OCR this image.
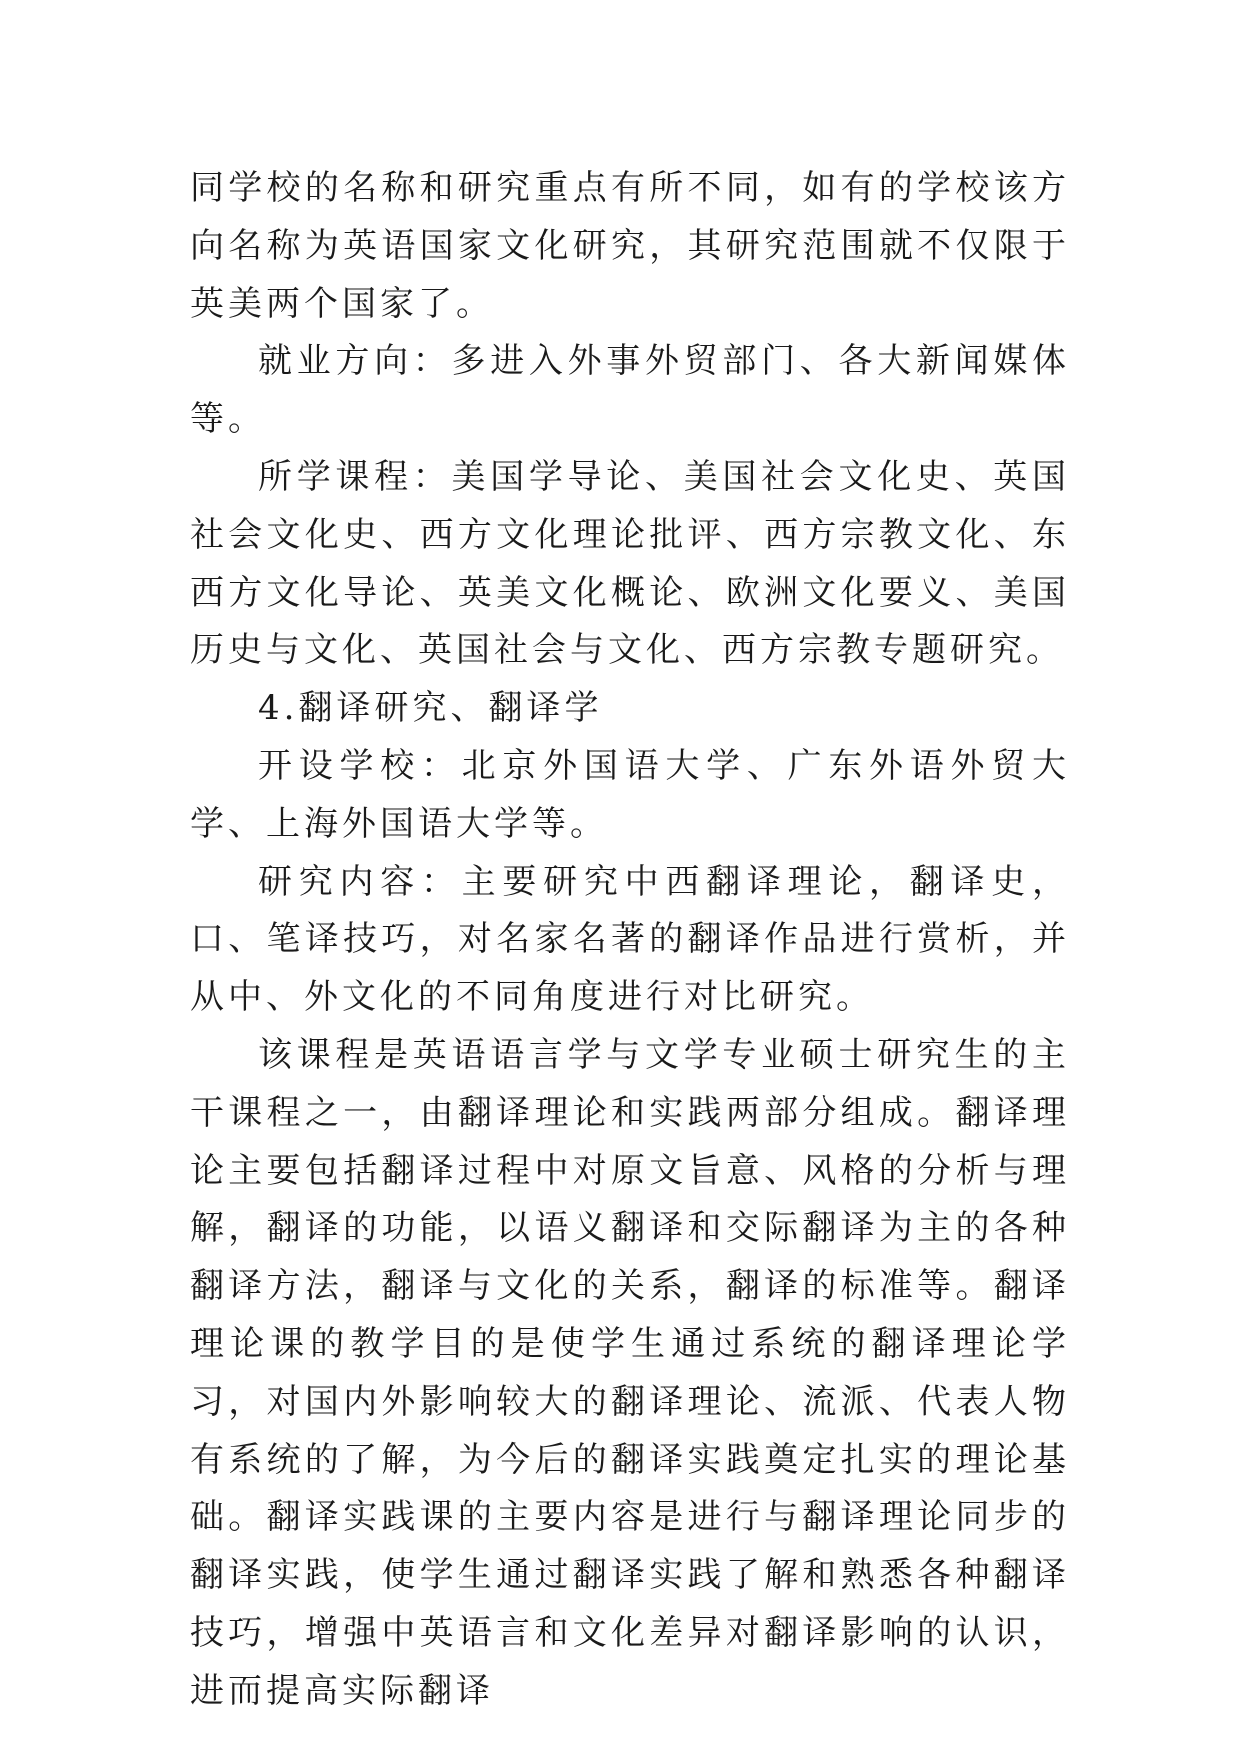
同学校的名称和研究重点有所不同，如有的学校该方向名称为英语国家文化研究，其研究范围就不仅限于英美两个国家了。

就业方向：多进入外事外贸部门、各大新闻媒体等。

所学课程：美国学导论、美国社会文化史、英国社会文化史、西方文化理论批评、西方宗教文化、东西方文化导论、英美文化概论、欧洲文化要义、美国历史与文化、英国社会与文化、西方宗教专题研究。

4.翻译研究、翻译学

开设学校：北京外国语大学、广东外语外贸大学、上海外国语大学等。

研究内容：主要研究中西翻译理论，翻译史，口、笔译技巧，对名家名著的翻译作品进行赏析，并从中、外文化的不同角度进行对比研究。

该课程是英语语言学与文学专业硕士研究生的主干课程之一，由翻译理论和实践两部分组成。翻译理论主要包括翻译过程中对原文旨意、风格的分析与理解，翻译的功能，以语义翻译和交际翻译为主的各种翻译方法，翻译与文化的关系，翻译的标准等。翻译理论课的教学目的是使学生通过系统的翻译理论学习，对国内外影响较大的翻译理论、流派、代表人物有系统的了解，为今后的翻译实践奠定扎实的理论基础。翻译实践课的主要内容是进行与翻译理论同步的翻译实践，使学生通过翻译实践了解和熟悉各种翻译技巧，增强中英语言和文化差异对翻译影响的认识，进而提高实际翻译
